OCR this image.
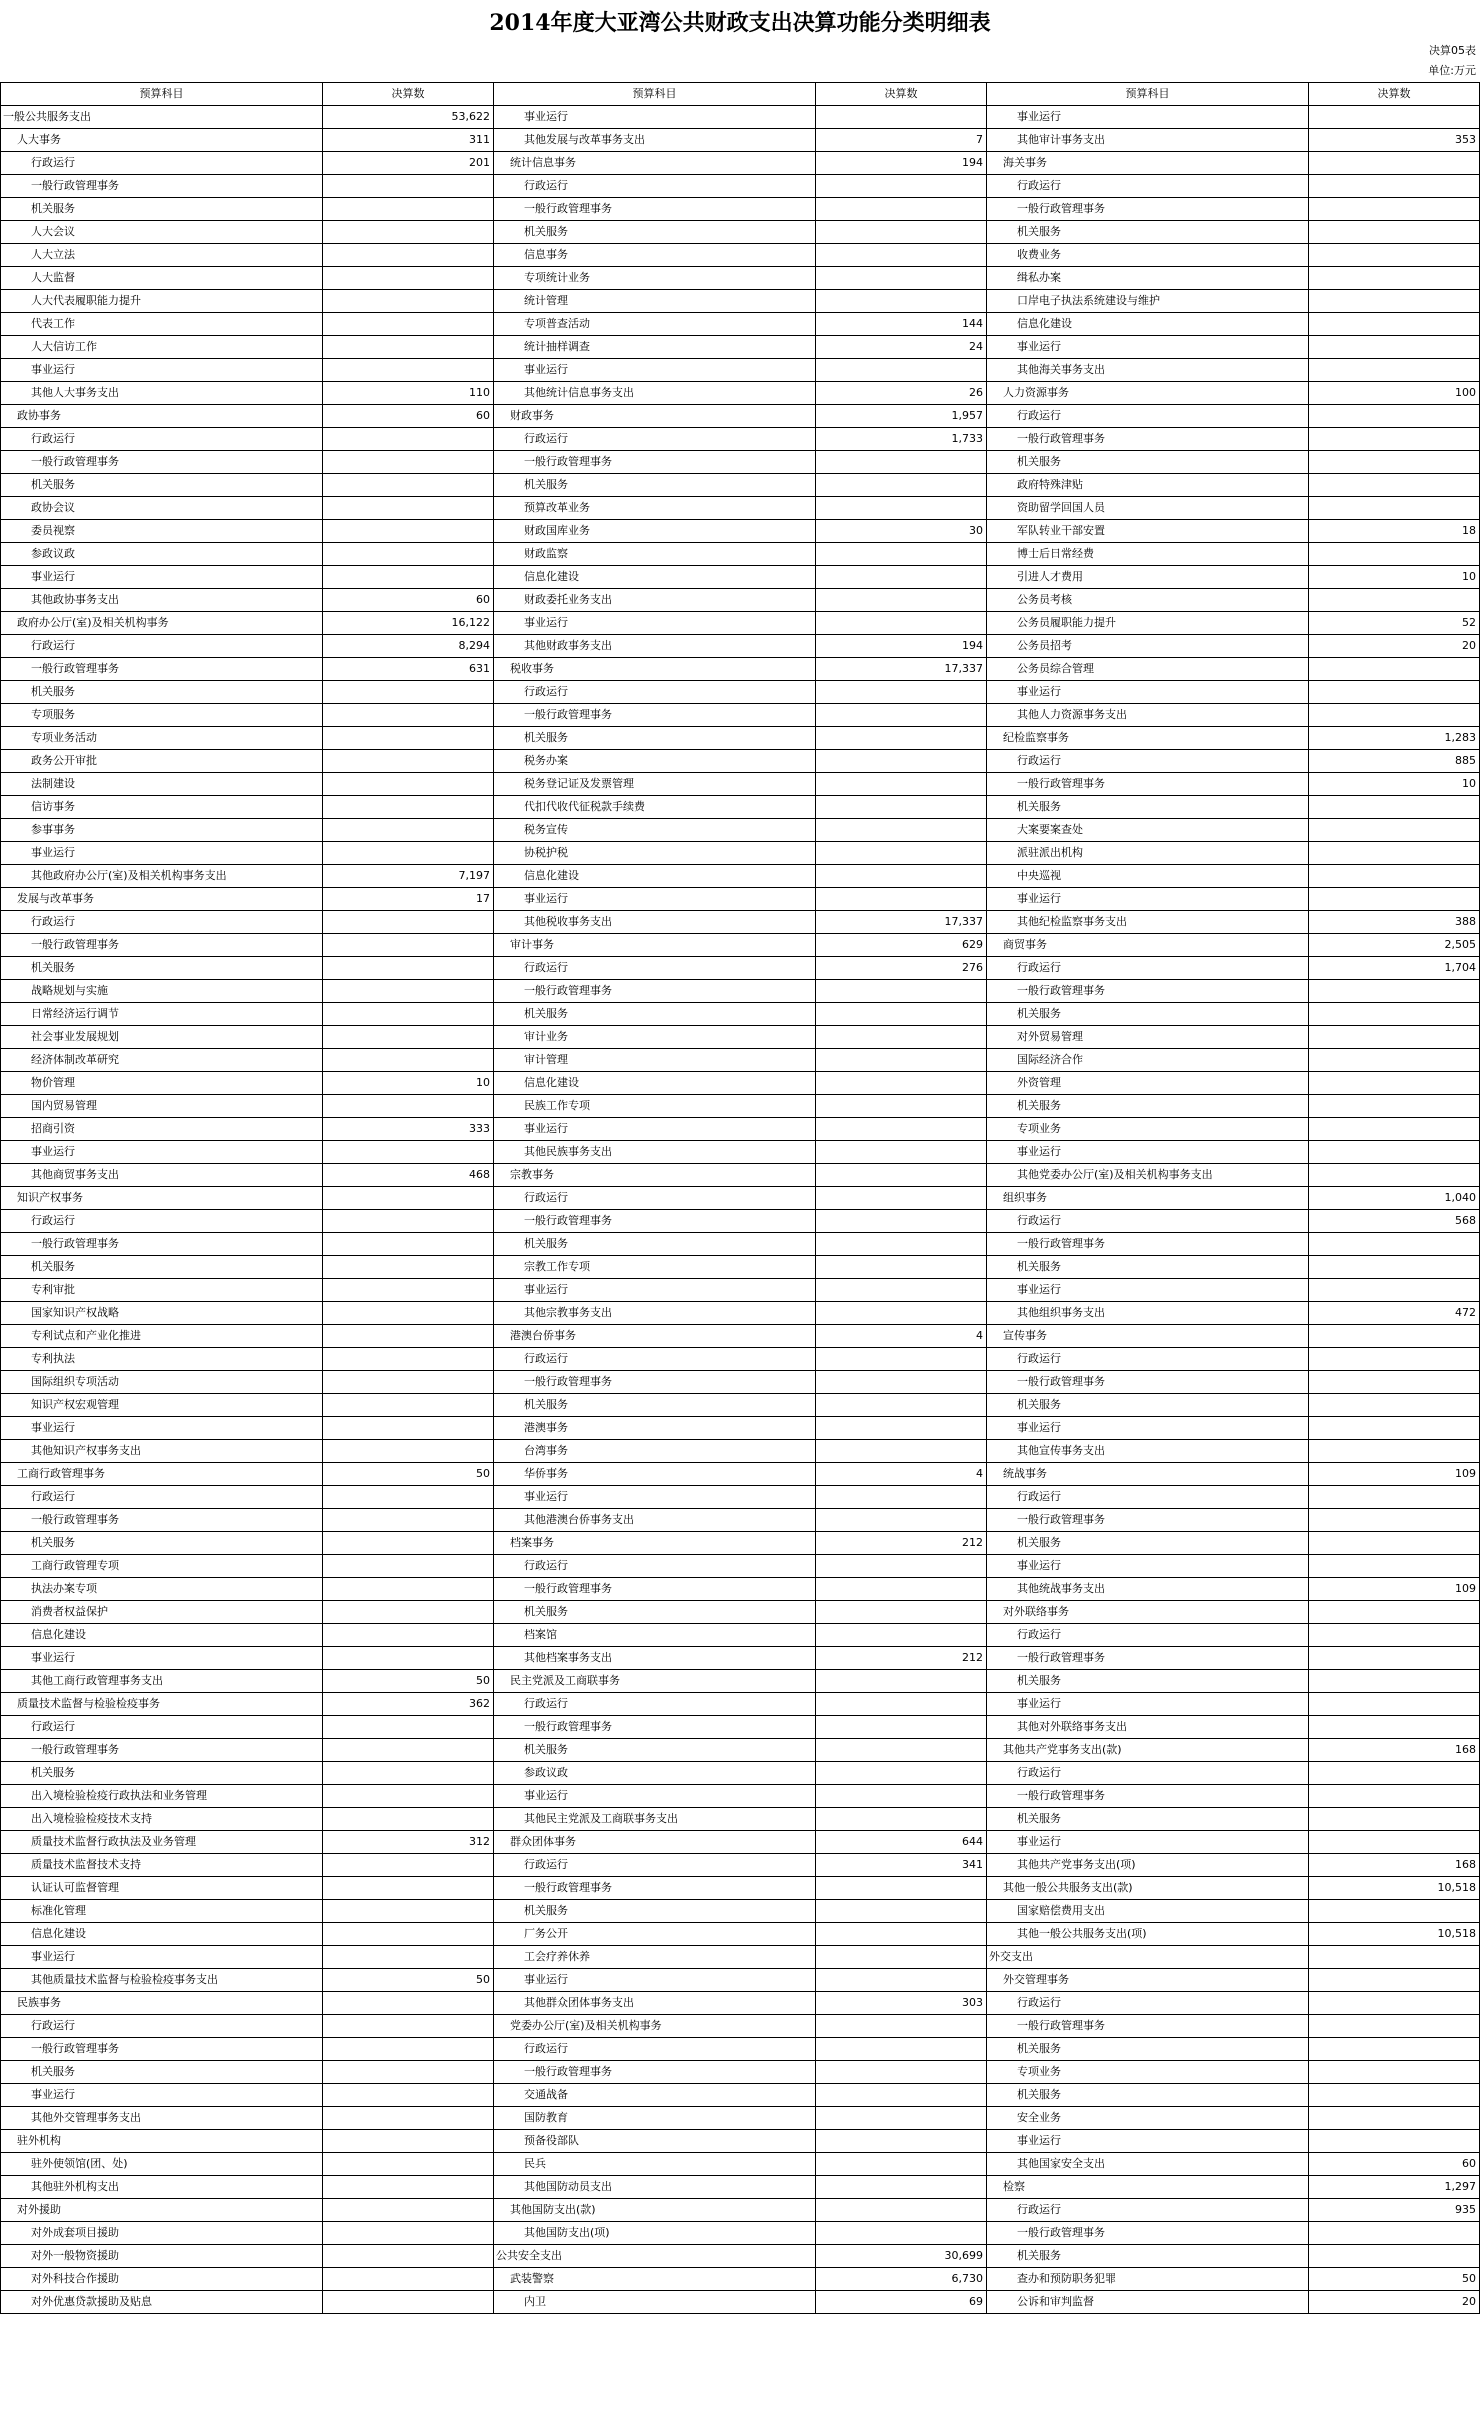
2014年度大亚湾公共财政支出决算功能分类明细表
决算05表
单位:万元
预算科目	决算数	预算科目	决算数	预算科目	决算数
一般公共服务支出	53,622	事业运行		事业运行	
人大事务	311	其他发展与改革事务支出	7	其他审计事务支出	353
行政运行	201	统计信息事务	194	海关事务	
一般行政管理事务		行政运行		行政运行	
机关服务		一般行政管理事务		一般行政管理事务	
人大会议		机关服务		机关服务	
人大立法		信息事务		收费业务	
人大监督		专项统计业务		缉私办案	
人大代表履职能力提升		统计管理		口岸电子执法系统建设与维护	
代表工作		专项普查活动	144	信息化建设	
人大信访工作		统计抽样调查	24	事业运行	
事业运行		事业运行		其他海关事务支出	
其他人大事务支出	110	其他统计信息事务支出	26	人力资源事务	100
政协事务	60	财政事务	1,957	行政运行	
行政运行		行政运行	1,733	一般行政管理事务	
一般行政管理事务		一般行政管理事务		机关服务	
机关服务		机关服务		政府特殊津贴	
政协会议		预算改革业务		资助留学回国人员	
委员视察		财政国库业务	30	军队转业干部安置	18
参政议政		财政监察		博士后日常经费	
事业运行		信息化建设		引进人才费用	10
其他政协事务支出	60	财政委托业务支出		公务员考核	
政府办公厅(室)及相关机构事务	16,122	事业运行		公务员履职能力提升	52
行政运行	8,294	其他财政事务支出	194	公务员招考	20
一般行政管理事务	631	税收事务	17,337	公务员综合管理	
机关服务		行政运行		事业运行	
专项服务		一般行政管理事务		其他人力资源事务支出	
专项业务活动		机关服务		纪检监察事务	1,283
政务公开审批		税务办案		行政运行	885
法制建设		税务登记证及发票管理		一般行政管理事务	10
信访事务		代扣代收代征税款手续费		机关服务	
参事事务		税务宣传		大案要案查处	
事业运行		协税护税		派驻派出机构	
其他政府办公厅(室)及相关机构事务支出	7,197	信息化建设		中央巡视	
发展与改革事务	17	事业运行		事业运行	
行政运行		其他税收事务支出	17,337	其他纪检监察事务支出	388
一般行政管理事务		审计事务	629	商贸事务	2,505
机关服务		行政运行	276	行政运行	1,704
战略规划与实施		一般行政管理事务		一般行政管理事务	
日常经济运行调节		机关服务		机关服务	
社会事业发展规划		审计业务		对外贸易管理	
经济体制改革研究		审计管理		国际经济合作	
物价管理	10	信息化建设		外资管理	
国内贸易管理		民族工作专项		机关服务	
招商引资	333	事业运行		专项业务	
事业运行		其他民族事务支出		事业运行	
其他商贸事务支出	468	宗教事务		其他党委办公厅(室)及相关机构事务支出	
知识产权事务		行政运行		组织事务	1,040
行政运行		一般行政管理事务		行政运行	568
一般行政管理事务		机关服务		一般行政管理事务	
机关服务		宗教工作专项		机关服务	
专利审批		事业运行		事业运行	
国家知识产权战略		其他宗教事务支出		其他组织事务支出	472
专利试点和产业化推进		港澳台侨事务	4	宣传事务	
专利执法		行政运行		行政运行	
国际组织专项活动		一般行政管理事务		一般行政管理事务	
知识产权宏观管理		机关服务		机关服务	
事业运行		港澳事务		事业运行	
其他知识产权事务支出		台湾事务		其他宣传事务支出	
工商行政管理事务	50	华侨事务	4	统战事务	109
行政运行		事业运行		行政运行	
一般行政管理事务		其他港澳台侨事务支出		一般行政管理事务	
机关服务		档案事务	212	机关服务	
工商行政管理专项		行政运行		事业运行	
执法办案专项		一般行政管理事务		其他统战事务支出	109
消费者权益保护		机关服务		对外联络事务	
信息化建设		档案馆		行政运行	
事业运行		其他档案事务支出	212	一般行政管理事务	
其他工商行政管理事务支出	50	民主党派及工商联事务		机关服务	
质量技术监督与检验检疫事务	362	行政运行		事业运行	
行政运行		一般行政管理事务		其他对外联络事务支出	
一般行政管理事务		机关服务		其他共产党事务支出(款)	168
机关服务		参政议政		行政运行	
出入境检验检疫行政执法和业务管理		事业运行		一般行政管理事务	
出入境检验检疫技术支持		其他民主党派及工商联事务支出		机关服务	
质量技术监督行政执法及业务管理	312	群众团体事务	644	事业运行	
质量技术监督技术支持		行政运行	341	其他共产党事务支出(项)	168
认证认可监督管理		一般行政管理事务		其他一般公共服务支出(款)	10,518
标准化管理		机关服务		国家赔偿费用支出	
信息化建设		厂务公开		其他一般公共服务支出(项)	10,518
事业运行		工会疗养休养		外交支出	
其他质量技术监督与检验检疫事务支出	50	事业运行		外交管理事务	
民族事务		其他群众团体事务支出	303	行政运行	
行政运行		党委办公厅(室)及相关机构事务		一般行政管理事务	
一般行政管理事务		行政运行		机关服务	
机关服务		一般行政管理事务		专项业务	
事业运行		交通战备		机关服务	
其他外交管理事务支出		国防教育		安全业务	
驻外机构		预备役部队		事业运行	
驻外使领馆(团、处)		民兵		其他国家安全支出	60
其他驻外机构支出		其他国防动员支出		检察	1,297
对外援助		其他国防支出(款)		行政运行	935
对外成套项目援助		其他国防支出(项)		一般行政管理事务	
对外一般物资援助		公共安全支出	30,699	机关服务	
对外科技合作援助		武装警察	6,730	查办和预防职务犯罪	50
对外优惠贷款援助及贴息		内卫	69	公诉和审判监督	20
